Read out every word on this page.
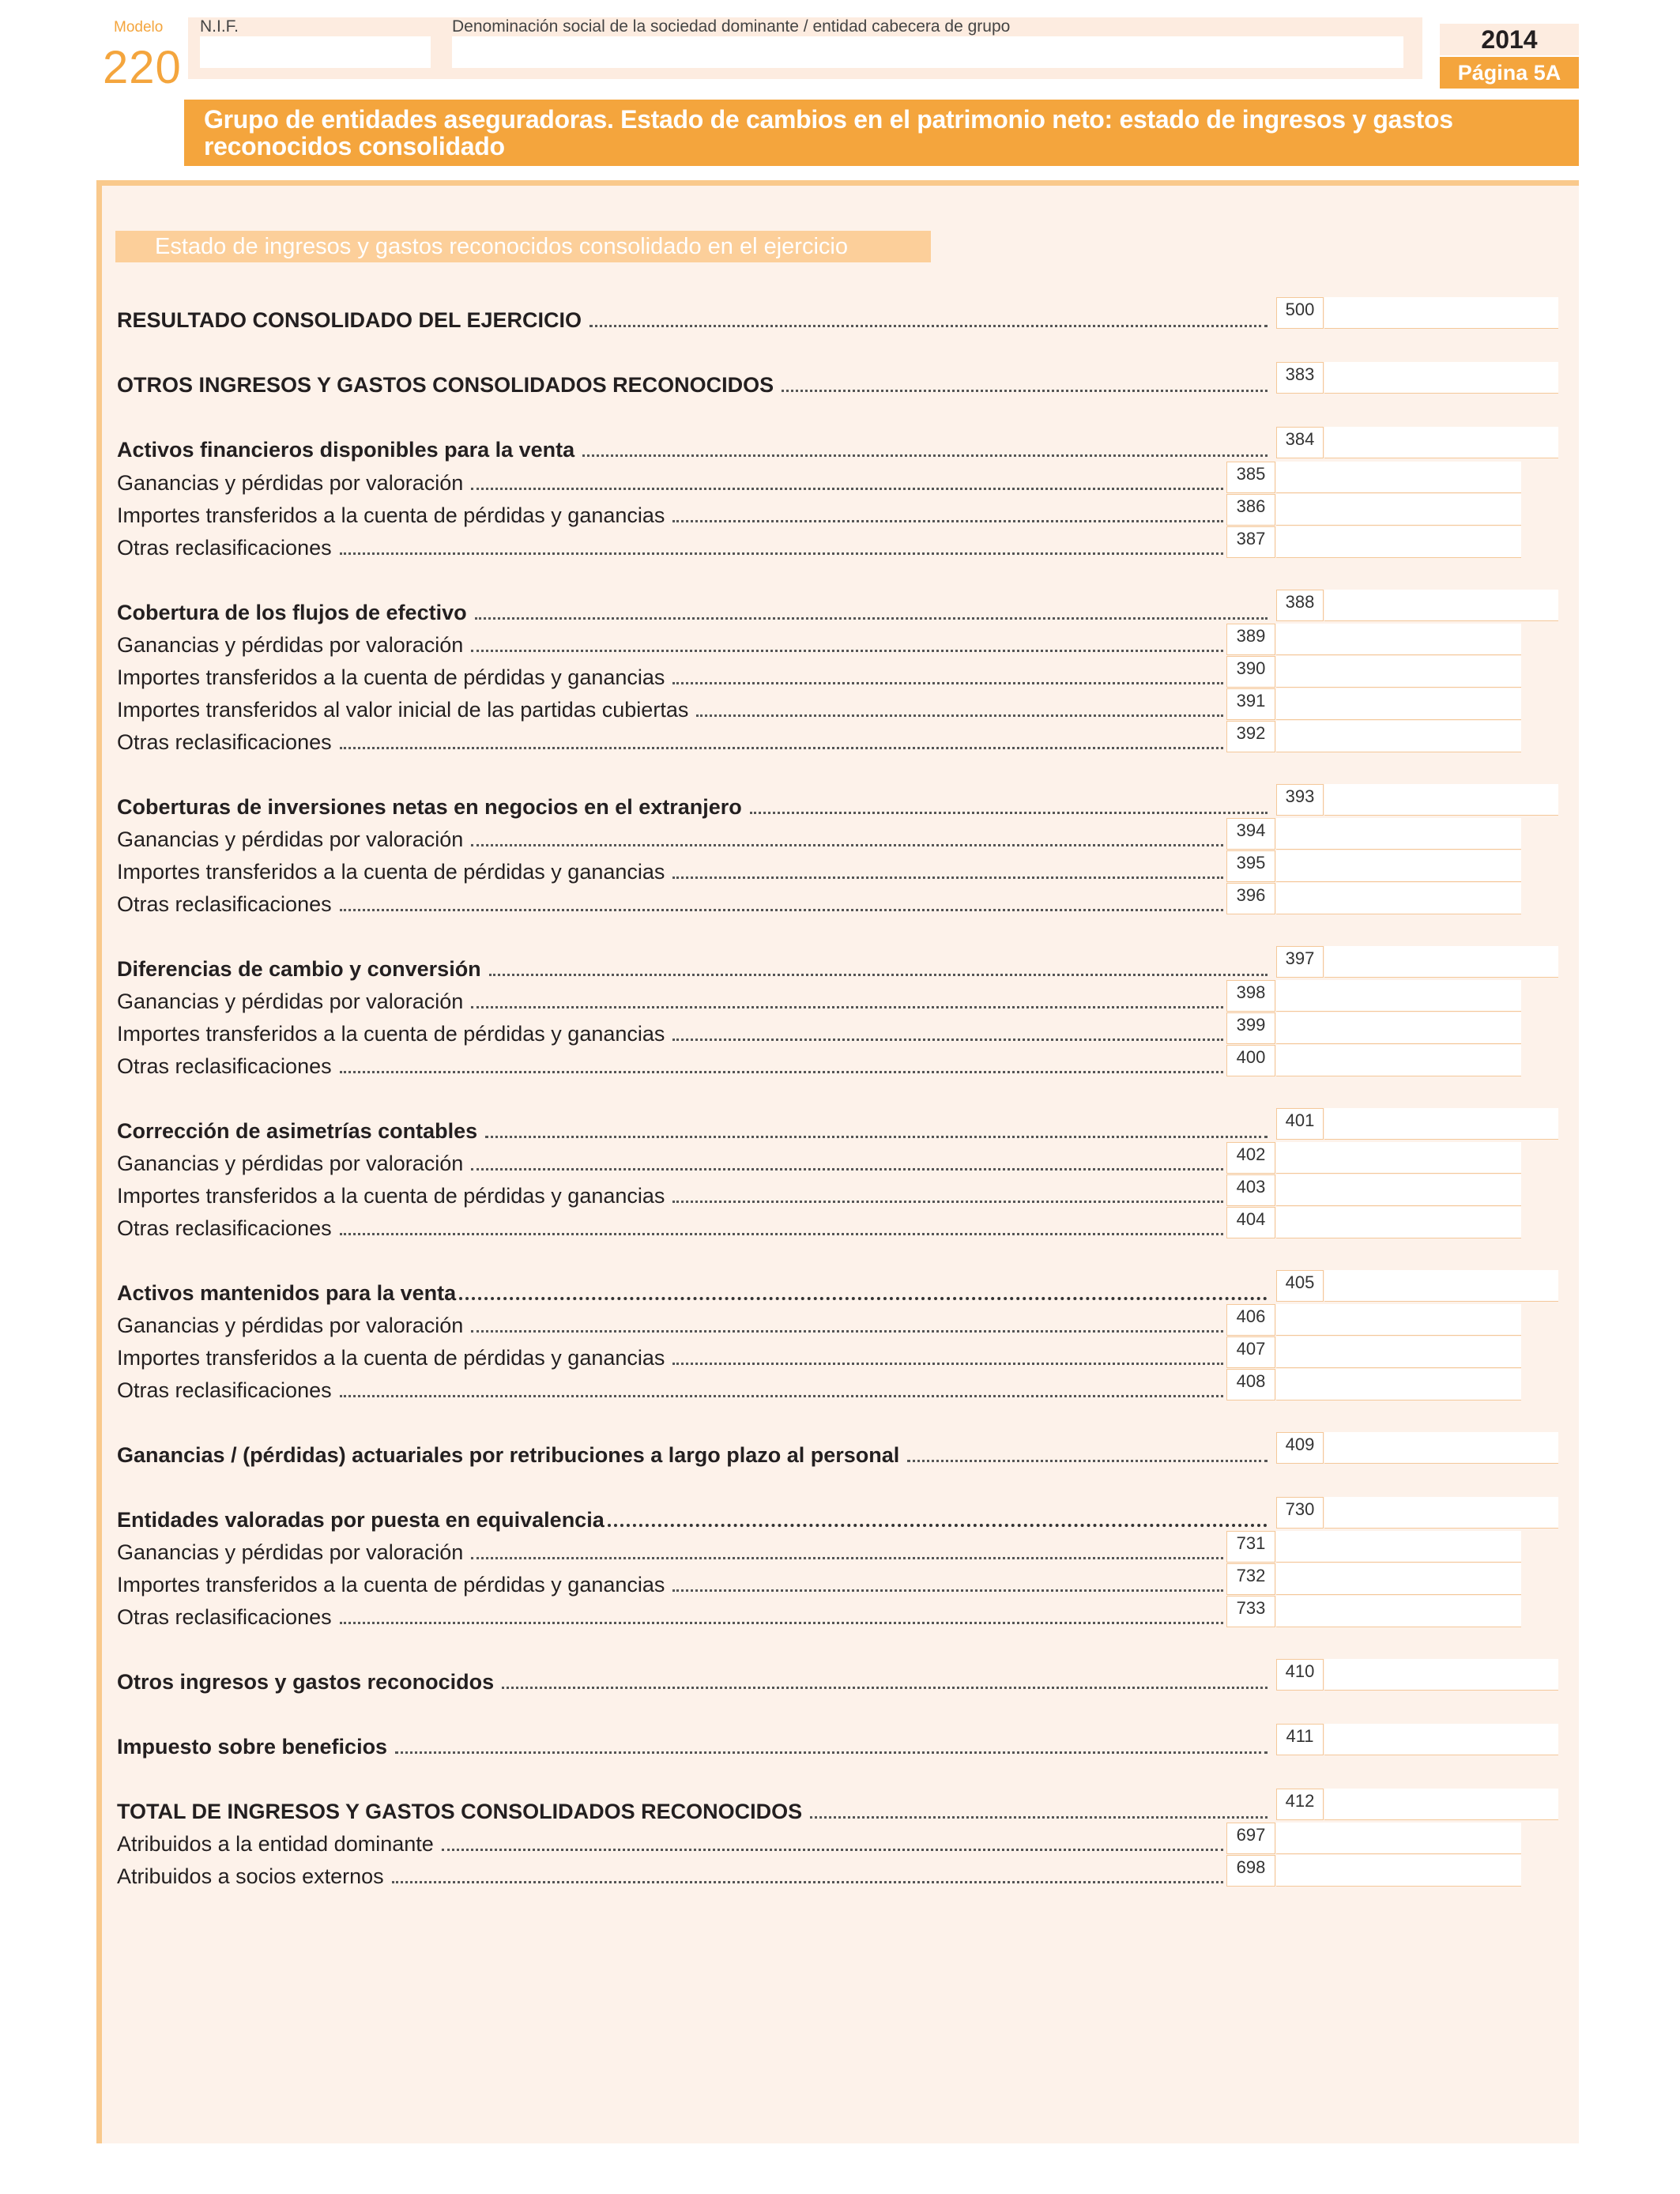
Modelo
220
N.I.F.	Denominación social de la sociedad dominante / entidad cabecera de grupo	2014
Página 5A
Grupo de entidades aseguradoras. Estado de cambios en el patrimonio neto: estado de ingresos y gastos reconocidos consolidado
Estado de ingresos y gastos reconocidos consolidado en el ejercicio
RESULTADO CONSOLIDADO DEL EJERCICIO	500
OTROS INGRESOS Y GASTOS CONSOLIDADOS RECONOCIDOS	383
Activos financieros disponibles para la venta	384
Ganancias y pérdidas por valoración	385
Importes transferidos a la cuenta de pérdidas y ganancias	386
Otras reclasificaciones	387
Cobertura de los flujos de efectivo	388
Ganancias y pérdidas por valoración	389
Importes transferidos a la cuenta de pérdidas y ganancias	390
Importes transferidos al valor inicial de las partidas cubiertas	391
Otras reclasificaciones	392
Coberturas de inversiones netas en negocios en el extranjero	393
Ganancias y pérdidas por valoración	394
Importes transferidos a la cuenta de pérdidas y ganancias	395
Otras reclasificaciones	396
Diferencias de cambio y conversión	397
Ganancias y pérdidas por valoración	398
Importes transferidos a la cuenta de pérdidas y ganancias	399
Otras reclasificaciones	400
Corrección de asimetrías contables	401
Ganancias y pérdidas por valoración	402
Importes transferidos a la cuenta de pérdidas y ganancias	403
Otras reclasificaciones	404
Activos mantenidos para la venta	405
Ganancias y pérdidas por valoración	406
Importes transferidos a la cuenta de pérdidas y ganancias	407
Otras reclasificaciones	408
Ganancias / (pérdidas) actuariales por retribuciones a largo plazo al personal	409
Entidades valoradas por puesta en equivalencia	730
Ganancias y pérdidas por valoración	731
Importes transferidos a la cuenta de pérdidas y ganancias	732
Otras reclasificaciones	733
Otros ingresos y gastos reconocidos	410
Impuesto sobre beneficios	411
TOTAL DE INGRESOS Y GASTOS CONSOLIDADOS RECONOCIDOS	412
Atribuidos a la entidad dominante	697
Atribuidos a socios externos	698
